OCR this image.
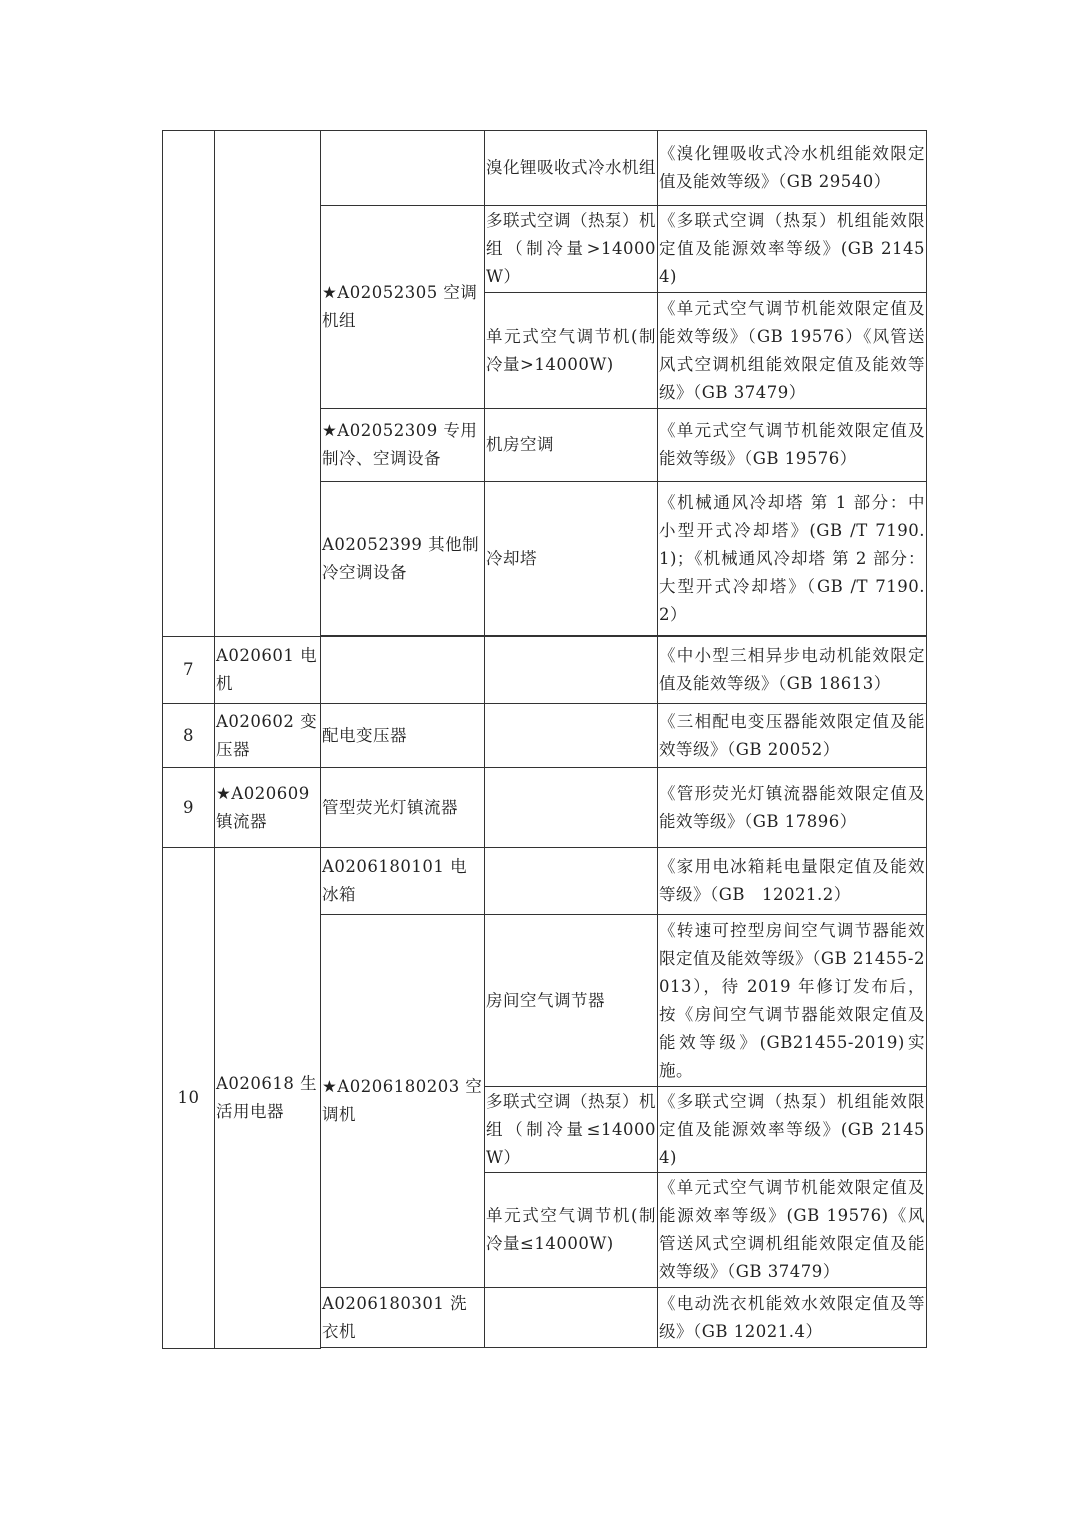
			溴化锂吸收式冷水机组	《溴化锂吸收式冷水机组能效限定值及能效等级》（GB 29540）
		★A02052305 空调机组	多联式空调（热泵）机组（制冷量>14000W）	《多联式空调（热泵）机组能效限定值及能源效率等级》(GB 21454)
			单元式空气调节机(制冷量>14000W)	《单元式空气调节机能效限定值及能效等级》（GB 19576）《风管送风式空调机组能效限定值及能效等级》（GB 37479）
		★A02052309 专用制冷、空调设备	机房空调	《单元式空气调节机能效限定值及能效等级》（GB 19576）
		A02052399 其他制冷空调设备	冷却塔	《机械通风冷却塔 第 1 部分：中小型开式冷却塔》(GB /T 7190.1)；《机械通风冷却塔 第 2 部分：大型开式冷却塔》（GB /T 7190.2）

7	A020601 电机			《中小型三相异步电动机能效限定值及能效等级》（GB 18613）
8	A020602 变压器	配电变压器		《三相配电变压器能效限定值及能效等级》（GB 20052）
9	★A020609 镇流器	管型荧光灯镇流器		《管形荧光灯镇流器能效限定值及能效等级》（GB 17896）
10	A020618 生活用电器	A0206180101 电冰箱		《家用电冰箱耗电量限定值及能效等级》（GB　12021.2）
		★A0206180203 空调机	房间空气调节器	《转速可控型房间空气调节器能效限定值及能效等级》（GB 21455-2013），待 2019 年修订发布后，按《房间空气调节器能效限定值及能效等级》(GB21455-2019)实施。
			多联式空调（热泵）机组（制冷量≤14000W）	《多联式空调（热泵）机组能效限定值及能源效率等级》(GB 21454)
			单元式空气调节机(制冷量≤14000W)	《单元式空气调节机能效限定值及能源效率等级》(GB 19576)《风管送风式空调机组能效限定值及能效等级》（GB 37479）
		A0206180301 洗衣机		《电动洗衣机能效水效限定值及等级》（GB 12021.4）
